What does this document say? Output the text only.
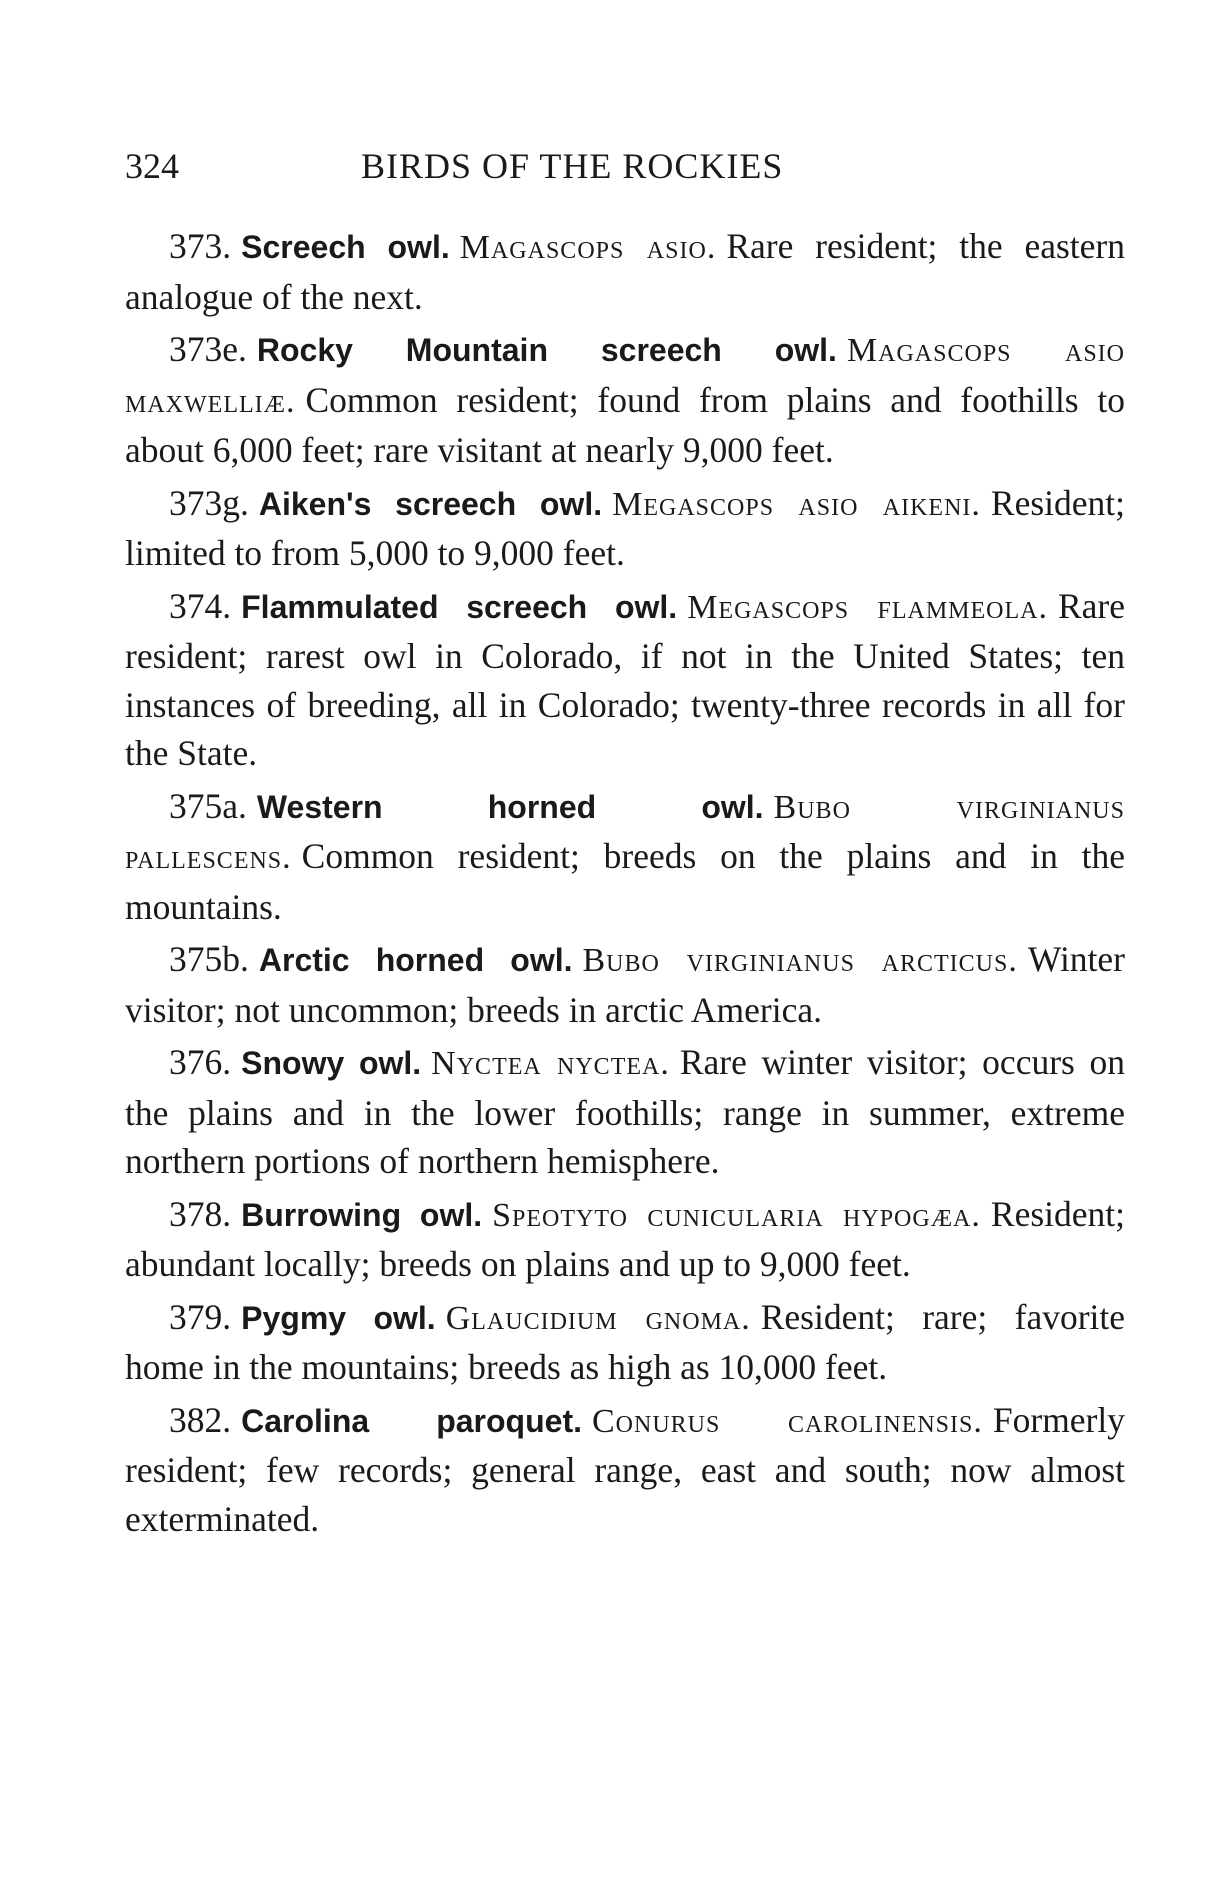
324	BIRDS OF THE ROCKIES

373. Screech owl. Magascops asio. Rare resident; the eastern analogue of the next.

373e. Rocky Mountain screech owl. Magascops asio maxwelliæ. Common resident; found from plains and foothills to about 6,000 feet; rare visitant at nearly 9,000 feet.

373g. Aiken's screech owl. Megascops asio aikeni. Resident; limited to from 5,000 to 9,000 feet.

374. Flammulated screech owl. Megascops flammeola. Rare resident; rarest owl in Colorado, if not in the United States; ten instances of breeding, all in Colorado; twenty-three records in all for the State.

375a. Western horned owl. Bubo virginianus pallescens. Common resident; breeds on the plains and in the mountains.

375b. Arctic horned owl. Bubo virginianus arcticus. Winter visitor; not uncommon; breeds in arctic America.

376. Snowy owl. Nyctea nyctea. Rare winter visitor; occurs on the plains and in the lower foothills; range in summer, extreme northern portions of northern hemisphere.

378. Burrowing owl. Speotyto cunicularia hypogæa. Resident; abundant locally; breeds on plains and up to 9,000 feet.

379. Pygmy owl. Glaucidium gnoma. Resident; rare; favorite home in the mountains; breeds as high as 10,000 feet.

382. Carolina paroquet. Conurus carolinensis. Formerly resident; few records; general range, east and south; now almost exterminated.
